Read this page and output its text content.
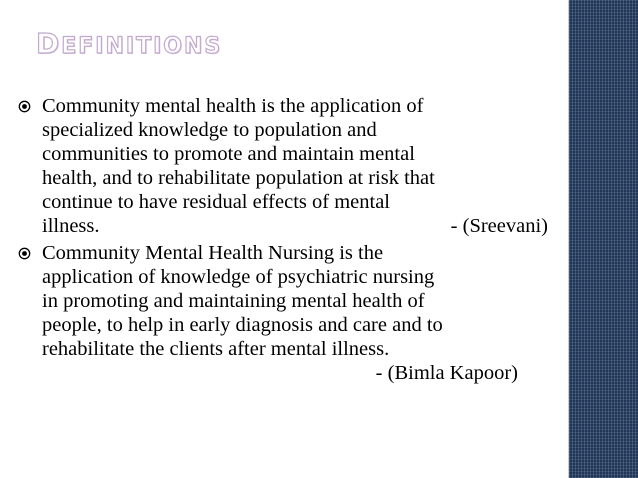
DEFINITIONS
Community mental health is the application of
specialized knowledge to population and
communities to promote and maintain mental
health, and to rehabilitate population at risk that
continue to have residual effects of mental
illness.	- (Sreevani)
Community Mental Health Nursing is the
application of knowledge of psychiatric nursing
in promoting and maintaining mental health of
people, to help in early diagnosis and care and to
rehabilitate the clients after mental illness.
- (Bimla Kapoor)
